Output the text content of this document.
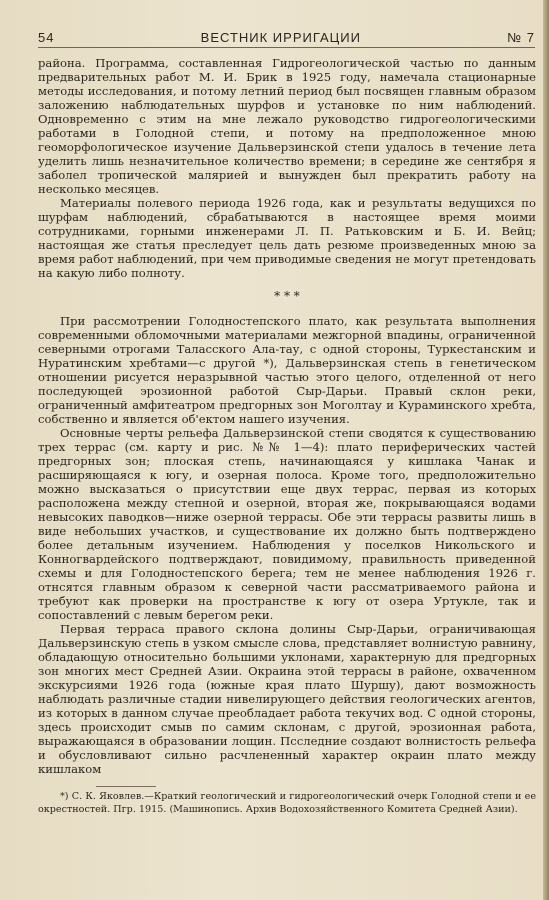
54	ВЕСТНИК ИРРИГАЦИИ	№ 7

района. Программа, составленная Гидрогеологической частью по данным предварительных работ М. И. Брик в 1925 году, намечала стационарные методы исследования, и потому летний период был посвящен главным образом заложению наблюдательных шурфов и установке по ним наблюдений. Одновременно с этим на мне лежало руководство гидрогеологическими работами в Голодной степи, и потому на предположенное мною геоморфологическое изучение Дальверзинской степи удалось в течение лета уделить лишь незначительное количество времени; в середине же сентября я заболел тропической малярией и вынужден был прекратить работу на несколько месяцев.

Материалы полевого периода 1926 года, как и результаты ведущихся по шурфам наблюдений, сбрабатываются в настоящее время моими сотрудниками, горными инженерами Л. П. Ратьковским и Б. И. Вейц; настоящая же статья преследует цель дать резюме произведенных мною за время работ наблюдений, при чем приводимые сведения не могут претендовать на какую либо полноту.

* * *

При рассмотрении Голодностепского плато, как результата выполнения современными обломочными материалами межгорной впадины, ограниченной северными отрогами Таласского Ала-тау, с одной стороны, Туркестанским и Нуратинским хребтами—с другой *), Дальверзинская степь в генетическом отношении рисуется неразрывной частью этого целого, отделенной от него последующей эрозионной работой Сыр-Дарьи. Правый склон реки, ограниченный амфитеатром предгорных зон Моголтау и Кураминского хребта, собственно и является об'ектом нашего изучения.

Основные черты рельефа Дальверзинской степи сводятся к существованию трех террас (см. карту и рис. №№ 1—4): плато периферических частей предгорных зон; плоская степь, начинающаяся у кишлака Чанак и расширяющаяся к югу, и озерная полоса. Кроме того, предположительно можно высказаться о присутствии еще двух террас, первая из которых расположена между степной и озерной, вторая же, покрывающаяся водами невысоких паводков—ниже озерной террасы. Обе эти террасы развиты лишь в виде небольших участков, и существование их должно быть подтверждено более детальным изучением. Наблюдения у поселков Никольского и Конногвардейского подтверждают, повидимому, правильность приведенной схемы и для Голодностепского берега; тем не менее наблюдения 1926 г. отнсятся главным образом к северной части рассматриваемого района и требуют как проверки на пространстве к югу от озера Уртукле, так и сопоставлений с левым берегом реки.

Первая терраса правого склона долины Сыр-Дарьи, ограничивающая Дальверзинскую степь в узком смысле слова, представляет волнистую равнину, обладающую относительно большими уклонами, характерную для предгорных зон многих мест Средней Азии. Окраина этой террасы в районе, охваченном экскурсиями 1926 года (южные края плато Шуршу), дают возможность наблюдать различные стадии нивелирующего действия геологических агентов, из которых в данном случае преобладает работа текучих вод. С одной стороны, здесь происходит смыв по самим склонам, с другой, эрозионная работа, выражающаяся в образовании лощин. Псследние создают волнистость рельефа и обусловливают сильно расчлененный характер окраин плато между кишлаком

*) С. К. Яковлев.—Краткий геологический и гидрогеологический очерк Голодной степи и ее окрестностей. Пгр. 1915. (Машинопись. Архив Водохозяйственного Комитета Средней Азии).
